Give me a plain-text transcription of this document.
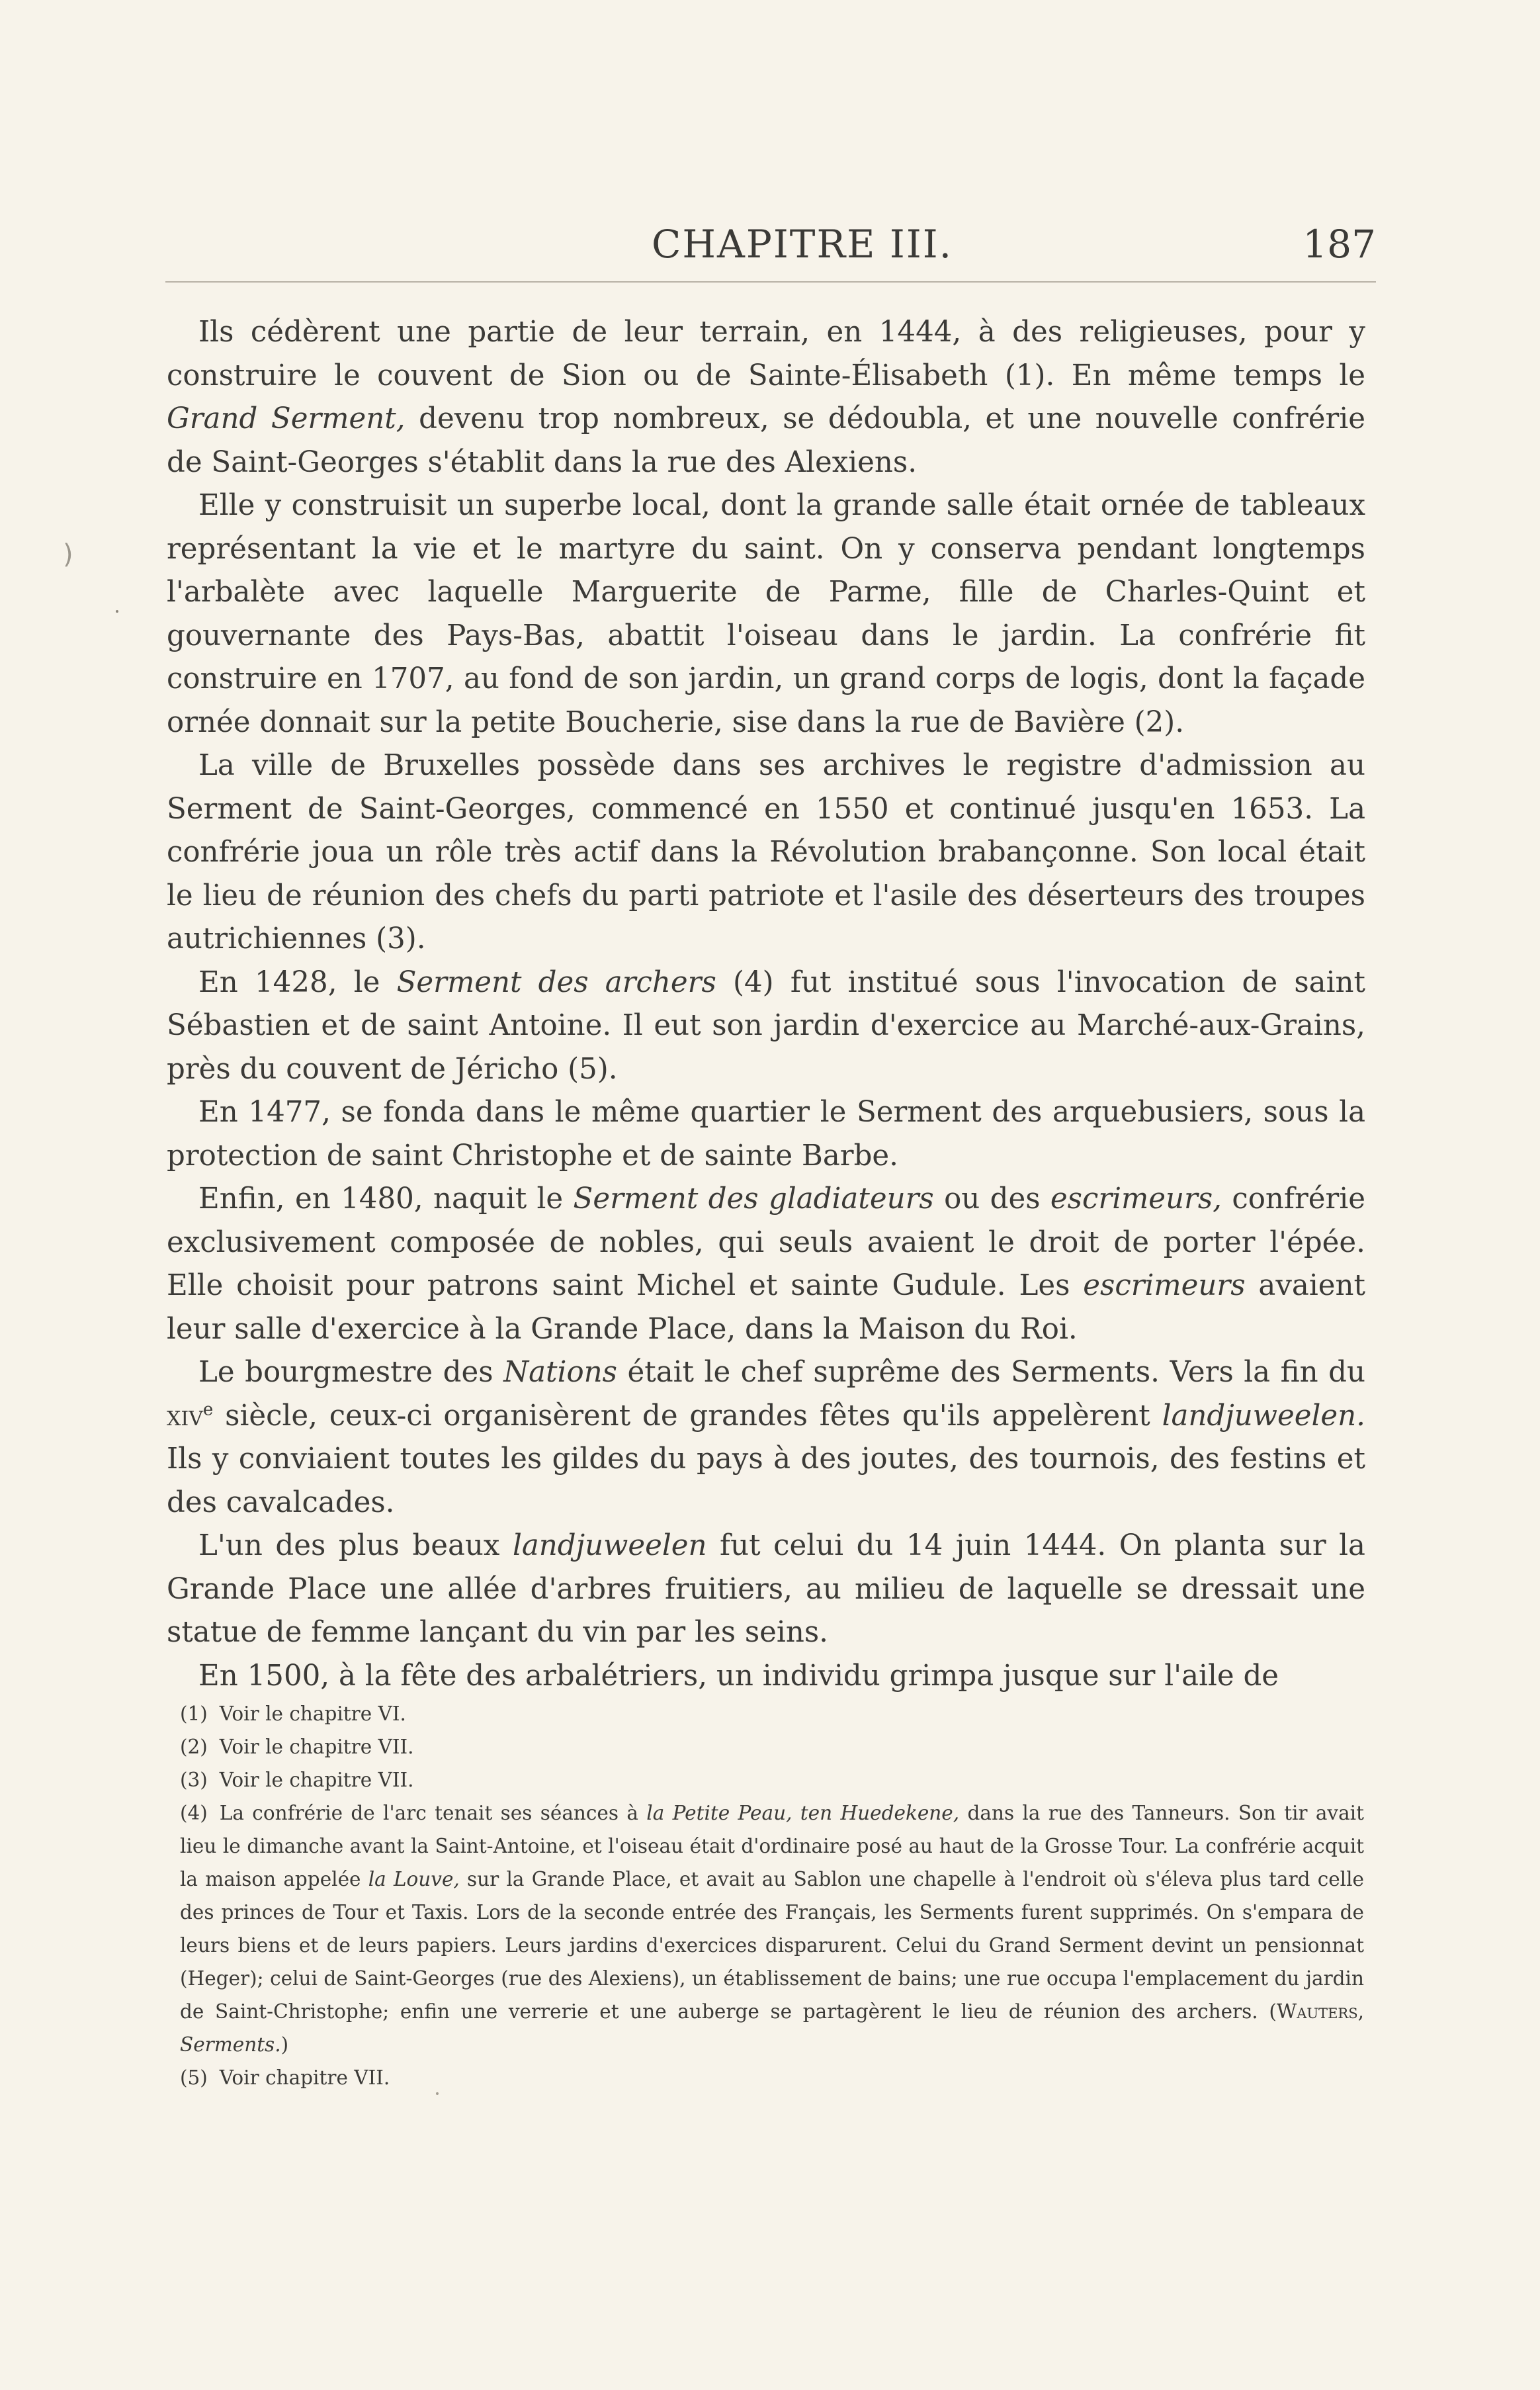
)
CHAPITRE III.	187

Ils cédèrent une partie de leur terrain, en 1444, à des religieuses, pour y construire le couvent de Sion ou de Sainte-Élisabeth (1). En même temps le Grand Serment, devenu trop nombreux, se dédoubla, et une nouvelle confrérie de Saint-Georges s'établit dans la rue des Alexiens.

Elle y construisit un superbe local, dont la grande salle était ornée de tableaux représentant la vie et le martyre du saint. On y conserva pendant longtemps l'arbalète avec laquelle Marguerite de Parme, fille de Charles-Quint et gouvernante des Pays-Bas, abattit l'oiseau dans le jardin. La confrérie fit construire en 1707, au fond de son jardin, un grand corps de logis, dont la façade ornée donnait sur la petite Boucherie, sise dans la rue de Bavière (2).

La ville de Bruxelles possède dans ses archives le registre d'admission au Serment de Saint-Georges, commencé en 1550 et continué jusqu'en 1653. La confrérie joua un rôle très actif dans la Révolution brabançonne. Son local était le lieu de réunion des chefs du parti patriote et l'asile des déserteurs des troupes autrichiennes (3).

En 1428, le Serment des archers (4) fut institué sous l'invocation de saint Sébastien et de saint Antoine. Il eut son jardin d'exercice au Marché-aux-Grains, près du couvent de Jéricho (5).

En 1477, se fonda dans le même quartier le Serment des arquebusiers, sous la protection de saint Christophe et de sainte Barbe.

Enfin, en 1480, naquit le Serment des gladiateurs ou des escrimeurs, confrérie exclusivement composée de nobles, qui seuls avaient le droit de porter l'épée. Elle choisit pour patrons saint Michel et sainte Gudule. Les escrimeurs avaient leur salle d'exercice à la Grande Place, dans la Maison du Roi.

Le bourgmestre des Nations était le chef suprême des Serments. Vers la fin du xiv$^e$ siècle, ceux-ci organisèrent de grandes fêtes qu'ils appelèrent landjuweelen. Ils y conviaient toutes les gildes du pays à des joutes, des tournois, des festins et des cavalcades.

L'un des plus beaux landjuweelen fut celui du 14 juin 1444. On planta sur la Grande Place une allée d'arbres fruitiers, au milieu de laquelle se dressait une statue de femme lançant du vin par les seins.

En 1500, à la fête des arbalétriers, un individu grimpa jusque sur l'aile de

(1) Voir le chapitre VI.

(2) Voir le chapitre VII.

(3) Voir le chapitre VII.

(4) La confrérie de l'arc tenait ses séances à la Petite Peau, ten Huedekene, dans la rue des Tanneurs. Son tir avait lieu le dimanche avant la Saint-Antoine, et l'oiseau était d'ordinaire posé au haut de la Grosse Tour. La confrérie acquit la maison appelée la Louve, sur la Grande Place, et avait au Sablon une chapelle à l'endroit où s'éleva plus tard celle des princes de Tour et Taxis. Lors de la seconde entrée des Français, les Serments furent supprimés. On s'empara de leurs biens et de leurs papiers. Leurs jardins d'exercices disparurent. Celui du Grand Serment devint un pensionnat (Heger); celui de Saint-Georges (rue des Alexiens), un établissement de bains; une rue occupa l'emplacement du jardin de Saint-Christophe; enfin une verrerie et une auberge se partagèrent le lieu de réunion des archers. (Wauters, Serments.)

(5) Voir chapitre VII.
